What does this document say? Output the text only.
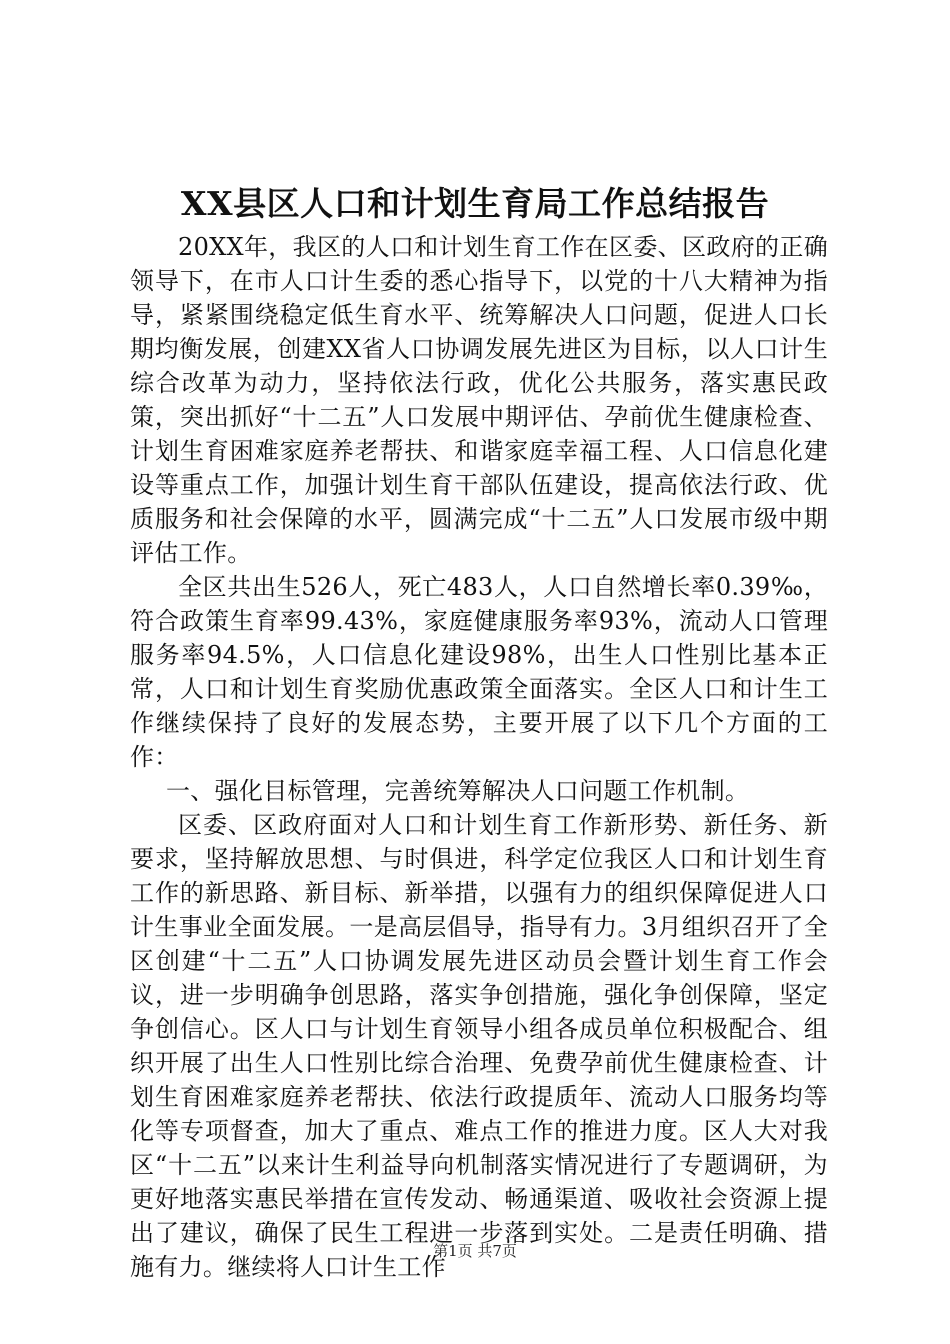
XX县区人口和计划生育局工作总结报告

20XX年，我区的人口和计划生育工作在区委、区政府的正确领导下，在市人口计生委的悉心指导下，以党的十八大精神为指导，紧紧围绕稳定低生育水平、统筹解决人口问题，促进人口长期均衡发展，创建XX省人口协调发展先进区为目标，以人口计生综合改革为动力，坚持依法行政，优化公共服务，落实惠民政策，突出抓好“十二五”人口发展中期评估、孕前优生健康检查、计划生育困难家庭养老帮扶、和谐家庭幸福工程、人口信息化建设等重点工作，加强计划生育干部队伍建设，提高依法行政、优质服务和社会保障的水平，圆满完成“十二五”人口发展市级中期评估工作。

全区共出生526人，死亡483人，人口自然增长率0.39‰，符合政策生育率99.43%，家庭健康服务率93%，流动人口管理服务率94.5%，人口信息化建设98%，出生人口性别比基本正常，人口和计划生育奖励优惠政策全面落实。全区人口和计生工作继续保持了良好的发展态势，主要开展了以下几个方面的工作：

一、强化目标管理，完善统筹解决人口问题工作机制。

区委、区政府面对人口和计划生育工作新形势、新任务、新要求，坚持解放思想、与时俱进，科学定位我区人口和计划生育工作的新思路、新目标、新举措，以强有力的组织保障促进人口计生事业全面发展。一是高层倡导，指导有力。3月组织召开了全区创建“十二五”人口协调发展先进区动员会暨计划生育工作会议，进一步明确争创思路，落实争创措施，强化争创保障，坚定争创信心。区人口与计划生育领导小组各成员单位积极配合、组织开展了出生人口性别比综合治理、免费孕前优生健康检查、计划生育困难家庭养老帮扶、依法行政提质年、流动人口服务均等化等专项督查，加大了重点、难点工作的推进力度。区人大对我区“十二五”以来计生利益导向机制落实情况进行了专题调研，为更好地落实惠民举措在宣传发动、畅通渠道、吸收社会资源上提出了建议，确保了民生工程进一步落到实处。二是责任明确、措施有力。继续将人口计生工作

第1页 共7页
